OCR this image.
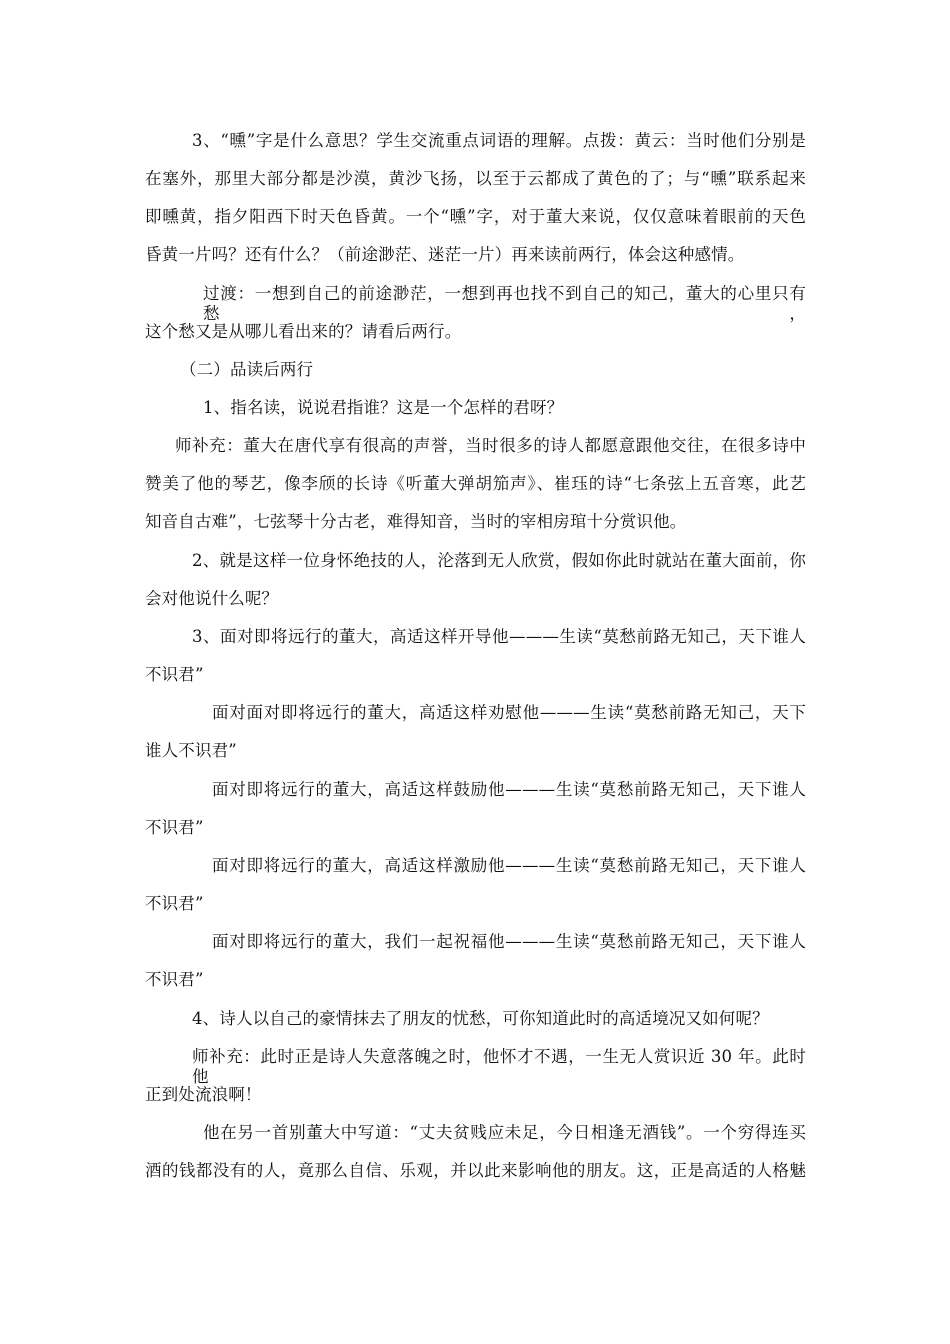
3、“曛”字是什么意思？学生交流重点词语的理解。点拨：黄云：当时他们分别是
在塞外，那里大部分都是沙漠，黄沙飞扬，以至于云都成了黄色的了；与“曛”联系起来
即曛黄，指夕阳西下时天色昏黄。一个“曛”字，对于董大来说，仅仅意味着眼前的天色
昏黄一片吗？还有什么？（前途渺茫、迷茫一片）再来读前两行，体会这种感情。
过渡：一想到自己的前途渺茫，一想到再也找不到自己的知己，董大的心里只有愁，
这个愁又是从哪儿看出来的？请看后两行。
（二）品读后两行
1、指名读，说说君指谁？这是一个怎样的君呀？
师补充：董大在唐代享有很高的声誉，当时很多的诗人都愿意跟他交往，在很多诗中
赞美了他的琴艺，像李颀的长诗《听董大弹胡笳声》、崔珏的诗“七条弦上五音寒，此艺
知音自古难”，七弦琴十分古老，难得知音，当时的宰相房琯十分赏识他。
2、就是这样一位身怀绝技的人，沦落到无人欣赏，假如你此时就站在董大面前，你
会对他说什么呢？
3、面对即将远行的董大，高适这样开导他———生读“莫愁前路无知己，天下谁人
不识君”
面对面对即将远行的董大，高适这样劝慰他———生读“莫愁前路无知己，天下
谁人不识君”
面对即将远行的董大，高适这样鼓励他———生读“莫愁前路无知己，天下谁人
不识君”
面对即将远行的董大，高适这样激励他———生读“莫愁前路无知己，天下谁人
不识君”
面对即将远行的董大，我们一起祝福他———生读“莫愁前路无知己，天下谁人
不识君”
4、诗人以自己的豪情抹去了朋友的忧愁，可你知道此时的高适境况又如何呢？
师补充：此时正是诗人失意落魄之时，他怀才不遇，一生无人赏识近 30 年。此时他
正到处流浪啊！
他在另一首别董大中写道：“丈夫贫贱应未足，今日相逢无酒钱”。一个穷得连买
酒的钱都没有的人，竟那么自信、乐观，并以此来影响他的朋友。这，正是高适的人格魅
